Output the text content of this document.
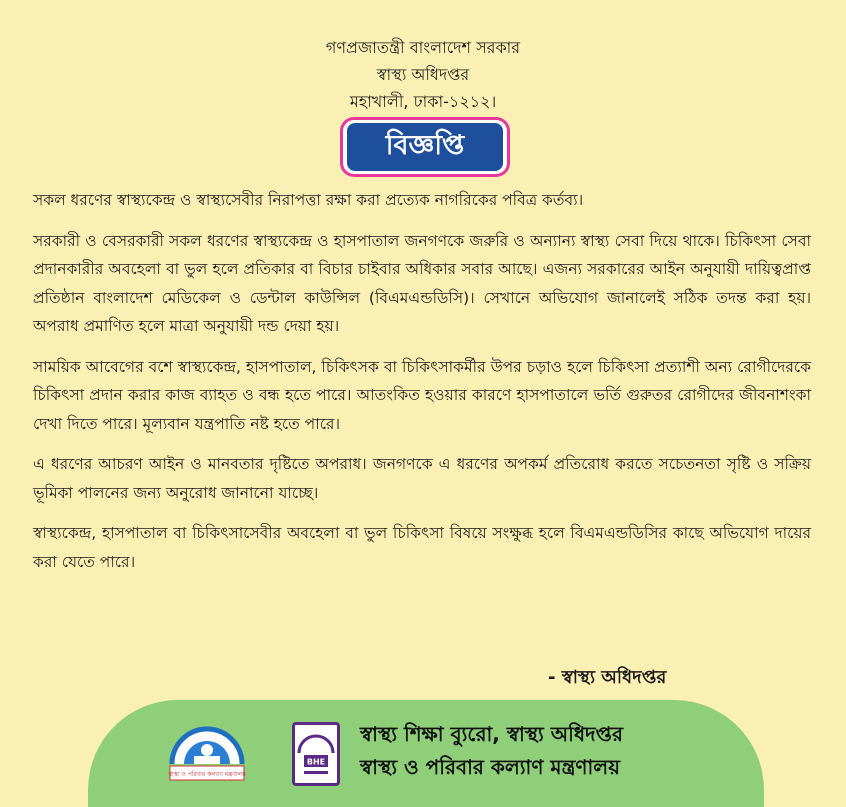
গণপ্রজাতন্ত্রী বাংলাদেশ সরকার
স্বাস্থ্য অধিদপ্তর
মহাখালী, ঢাকা-১২১২।
বিজ্ঞপ্তি

সকল ধরণের স্বাস্থ্যকেন্দ্র ও স্বাস্থ্যসেবীর নিরাপত্তা রক্ষা করা প্রত্যেক নাগরিকের পবিত্র কর্তব্য।

সরকারী ও বেসরকারী সকল ধরণের স্বাস্থ্যকেন্দ্র ও হাসপাতাল জনগণকে জরুরি ও অন্যান্য স্বাস্থ্য সেবা দিয়ে থাকে। চিকিৎসা সেবা প্রদানকারীর অবহেলা বা ভুল হলে প্রতিকার বা বিচার চাইবার অধিকার সবার আছে। এজন্য সরকারের আইন অনুযায়ী দায়িত্বপ্রাপ্ত প্রতিষ্ঠান বাংলাদেশ মেডিকেল ও ডেন্টাল কাউন্সিল (বিএমএন্ডডিসি)। সেখানে অভিযোগ জানালেই সঠিক তদন্ত করা হয়। অপরাধ প্রমাণিত হলে মাত্রা অনুযায়ী দন্ড দেয়া হয়।

সাময়িক আবেগের বশে স্বাস্থ্যকেন্দ্র, হাসপাতাল, চিকিৎসক বা চিকিৎসাকর্মীর উপর চড়াও হলে চিকিৎসা প্রত্যাশী অন্য রোগীদেরকে চিকিৎসা প্রদান করার কাজ ব্যাহত ও বন্ধ হতে পারে। আতংকিত হওয়ার কারণে হাসপাতালে ভর্তি গুরুতর রোগীদের জীবনাশংকা দেখা দিতে পারে। মূল্যবান যন্ত্রপাতি নষ্ট হতে পারে।

এ ধরণের আচরণ আইন ও মানবতার দৃষ্টিতে অপরাধ। জনগণকে এ ধরণের অপকর্ম প্রতিরোধ করতে সচেতনতা সৃষ্টি ও সক্রিয় ভূমিকা পালনের জন্য অনুরোধ জানানো যাচ্ছে।

স্বাস্থ্যকেন্দ্র, হাসপাতাল বা চিকিৎসাসেবীর অবহেলা বা ভুল চিকিৎসা বিষয়ে সংক্ষুব্ধ হলে বিএমএন্ডডিসির কাছে অভিযোগ দায়ের করা যেতে পারে।

- স্বাস্থ্য অধিদপ্তর
স্বাস্থ্য ও পরিবার কল্যাণ মন্ত্রণালয়
BHE
স্বাস্থ্য শিক্ষা ব্যুরো, স্বাস্থ্য অধিদপ্তর
স্বাস্থ্য ও পরিবার কল্যাণ মন্ত্রণালয়
